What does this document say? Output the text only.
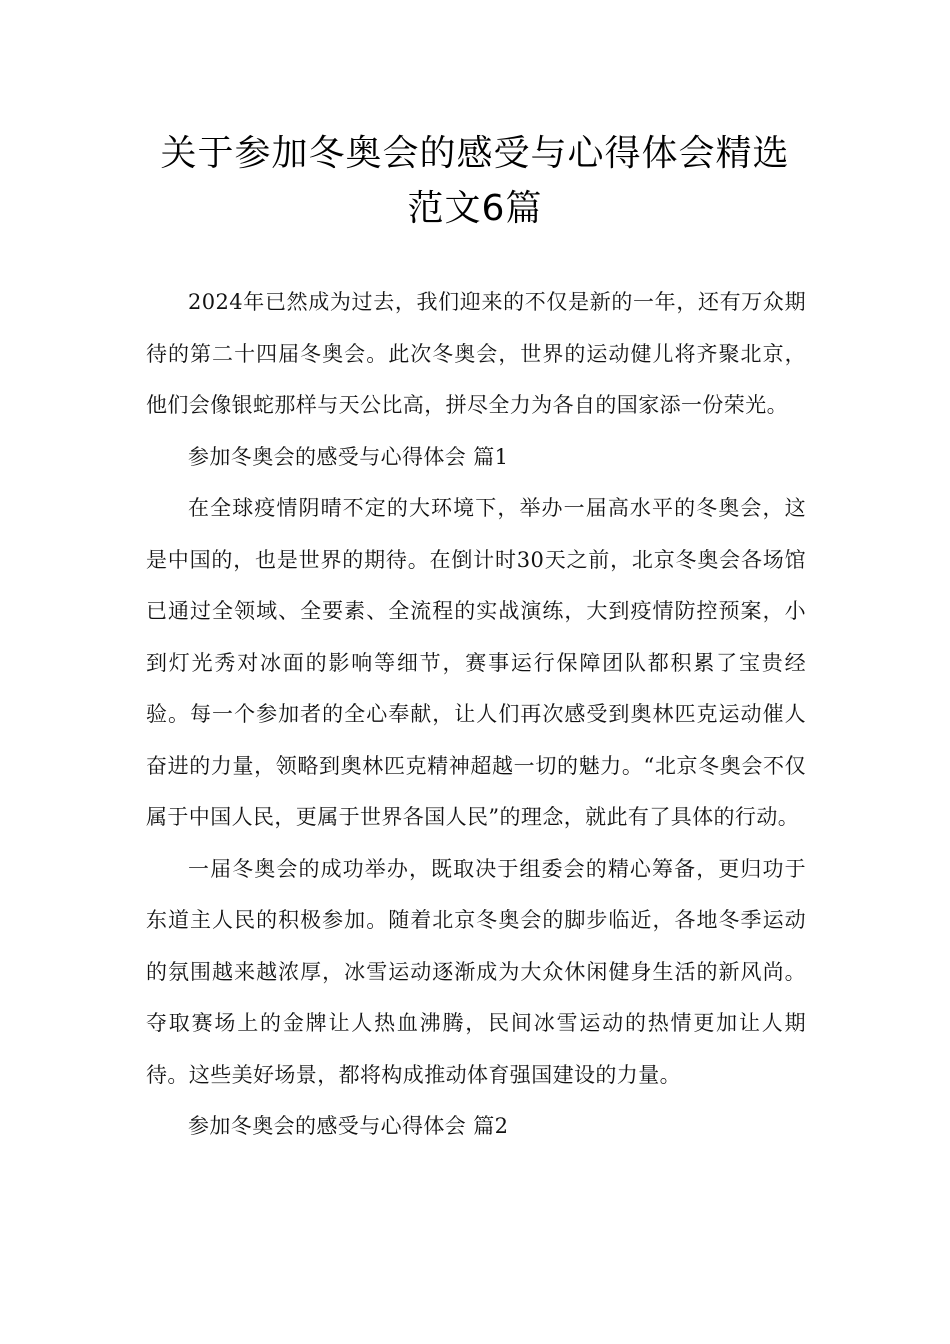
关于参加冬奥会的感受与心得体会精选
范文6篇

2024年已然成为过去，我们迎来的不仅是新的一年，还有万众期待的第二十四届冬奥会。此次冬奥会，世界的运动健儿将齐聚北京，他们会像银蛇那样与天公比高，拼尽全力为各自的国家添一份荣光。

参加冬奥会的感受与心得体会 篇1

在全球疫情阴晴不定的大环境下，举办一届高水平的冬奥会，这是中国的，也是世界的期待。在倒计时30天之前，北京冬奥会各场馆已通过全领域、全要素、全流程的实战演练，大到疫情防控预案，小到灯光秀对冰面的影响等细节，赛事运行保障团队都积累了宝贵经验。每一个参加者的全心奉献，让人们再次感受到奥林匹克运动催人奋进的力量，领略到奥林匹克精神超越一切的魅力。“北京冬奥会不仅属于中国人民，更属于世界各国人民”的理念，就此有了具体的行动。

一届冬奥会的成功举办，既取决于组委会的精心筹备，更归功于东道主人民的积极参加。随着北京冬奥会的脚步临近，各地冬季运动的氛围越来越浓厚，冰雪运动逐渐成为大众休闲健身生活的新风尚。夺取赛场上的金牌让人热血沸腾，民间冰雪运动的热情更加让人期待。这些美好场景，都将构成推动体育强国建设的力量。

参加冬奥会的感受与心得体会 篇2
